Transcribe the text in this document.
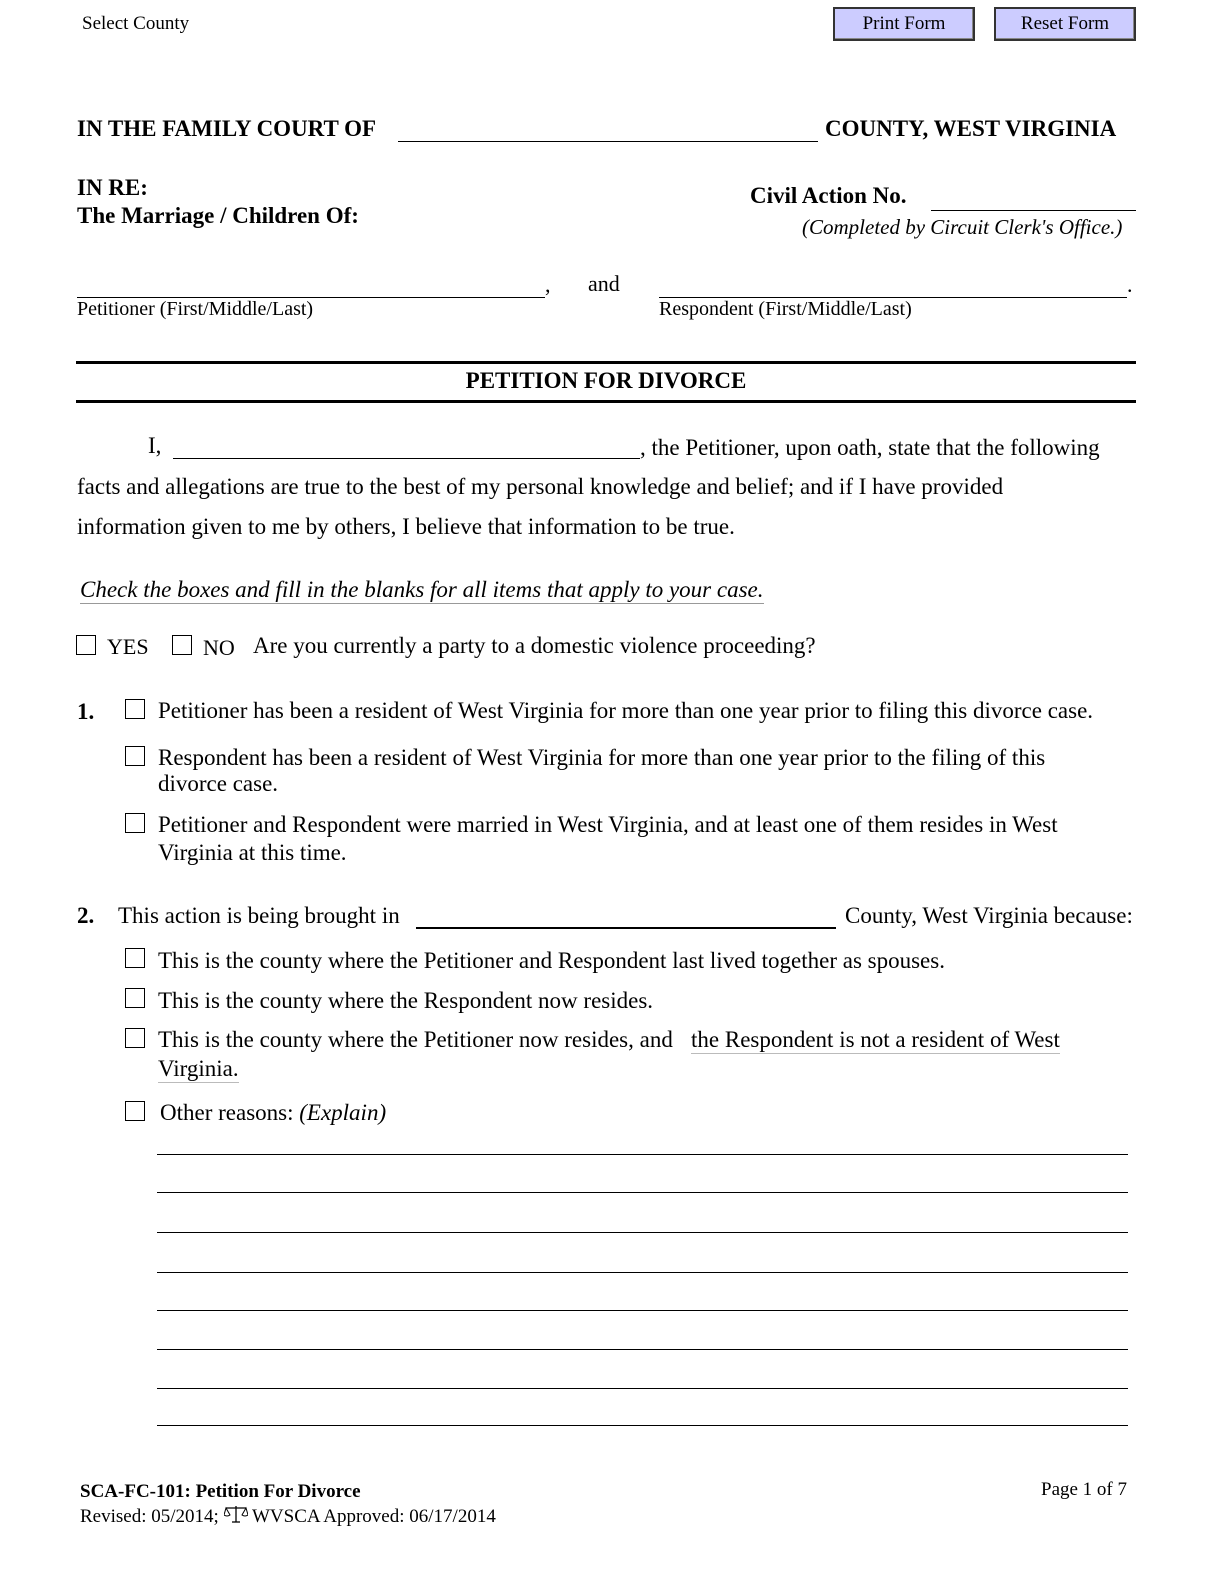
Select County	Print Form	Reset Form
IN THE FAMILY COURT OF	COUNTY, WEST VIRGINIA
IN RE:
The Marriage / Children Of:
Civil Action No.
(Completed by Circuit Clerk's Office.)
, and	.
Petitioner (First/Middle/Last)	Respondent (First/Middle/Last)
PETITION FOR DIVORCE
I,	, the Petitioner, upon oath, state that the following
facts and allegations are true to the best of my personal knowledge and belief; and if I have provided
information given to me by others, I believe that information to be true.
Check the boxes and fill in the blanks for all items that apply to your case.
YES NO Are you currently a party to a domestic violence proceeding?
1.	Petitioner has been a resident of West Virginia for more than one year prior to filing this divorce case.
Respondent has been a resident of West Virginia for more than one year prior to the filing of this
divorce case.
Petitioner and Respondent were married in West Virginia, and at least one of them resides in West
Virginia at this time.
2. This action is being brought in	County, West Virginia because:
This is the county where the Petitioner and Respondent last lived together as spouses.
This is the county where the Respondent now resides.
This is the county where the Petitioner now resides, and the Respondent is not a resident of West
Virginia.
Other reasons: (Explain)
SCA-FC-101: Petition For Divorce
Revised: 05/2014; WVSCA Approved: 06/17/2014
Page 1 of 7
